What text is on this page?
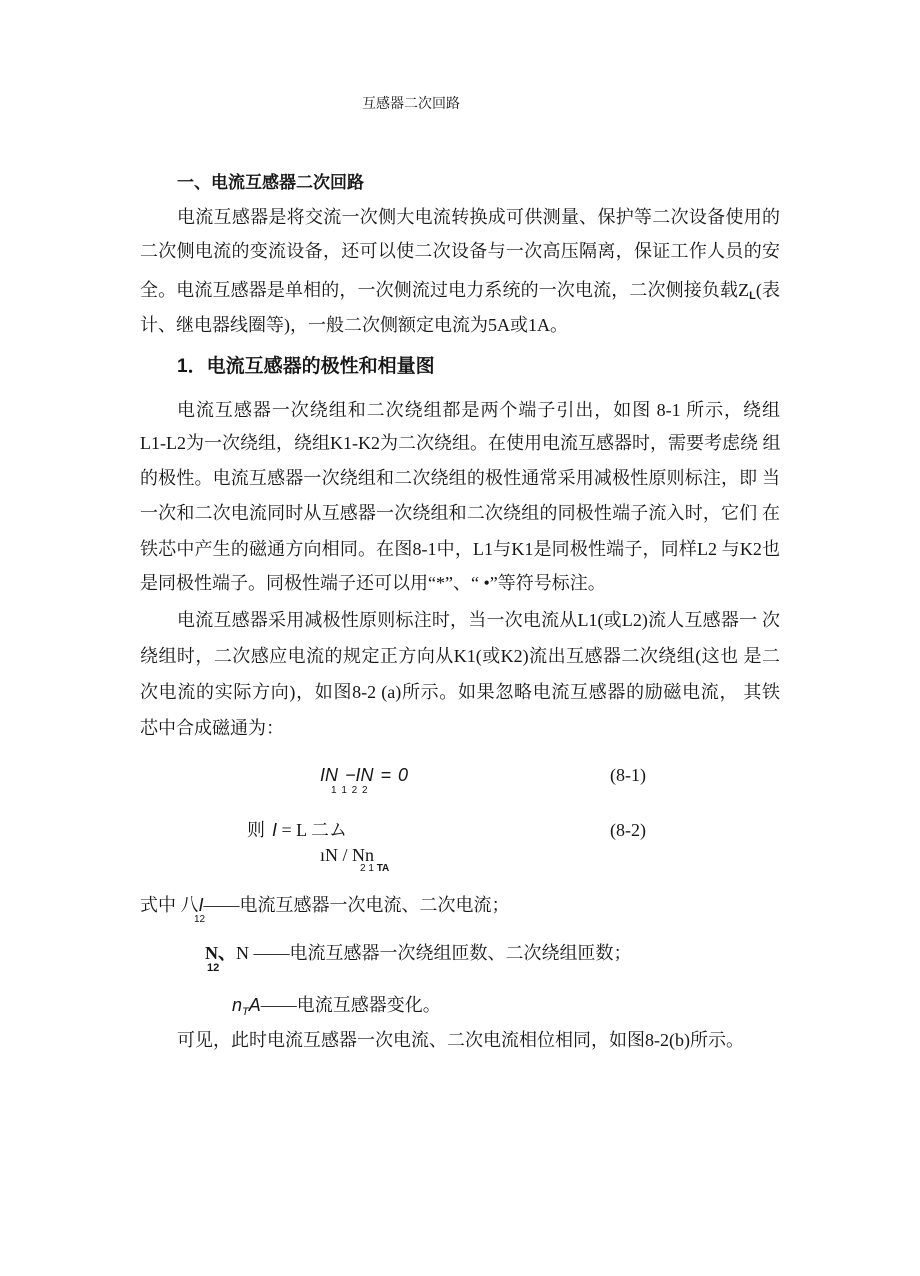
互感器二次回路
一、电流互感器二次回路
电流互感器是将交流一次侧大电流转换成可供测量、保护等二次设备使用的
二次侧电流的变流设备，还可以使二次设备与一次高压隔离，保证工作人员的安
全。电流互感器是单相的，一次侧流过电力系统的一次电流，二次侧接负载ZL(表
计、继电器线圈等)，一般二次侧额定电流为5A或1A。
1．电流互感器的极性和相量图
电流互感器一次绕组和二次绕组都是两个端子引出，如图 8-1 所示，绕组
L1-L2为一次绕组，绕组K1-K2为二次绕组。在使用电流互感器时，需要考虑绕 组
的极性。电流互感器一次绕组和二次绕组的极性通常采用减极性原则标注，即 当
一次和二次电流同时从互感器一次绕组和二次绕组的同极性端子流入时，它们 在
铁芯中产生的磁通方向相同。在图8-1中，L1与K1是同极性端子，同样L2 与K2也
是同极性端子。同极性端子还可以用“*”、“ •”等符号标注。
电流互感器采用减极性原则标注时，当一次电流从L1(或L2)流人互感器一 次
绕组时，二次感应电流的规定正方向从K1(或K2)流出互感器二次绕组(这也 是二
次电流的实际方向)，如图8-2 (a)所示。如果忽略电流互感器的励磁电流， 其铁
芯中合成磁通为：
IN −IN = 0
1 1 2 2
(8-1)
则 I = L 二ム	(8-2)
ıN / Nn
2 1 TA
式中 八I——电流互感器一次电流、二次电流；
12
N、N ——电流互感器一次绕组匝数、二次绕组匝数；
12
$n_TA——$电流互感器变化。
可见，此时电流互感器一次电流、二次电流相位相同，如图8-2(b)所示。
